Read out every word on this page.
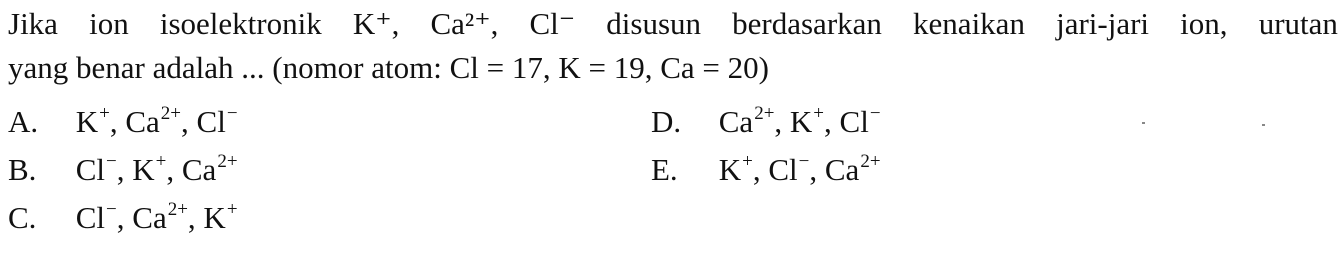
Jika ion isoelektronik K⁺, Ca²⁺, Cl⁻ disusun berdasarkan kenaikan jari-jari ion, urutan
yang benar adalah ... (nomor atom: Cl = 17, K = 19, Ca = 20)
A. K+, $Ca^{2+}$, Cl−
B. Cl−, K+, $Ca^{2+}$
C. Cl−, $Ca^{2+}$, K+
D. $Ca^{2+}$, K+, Cl−
E. K+, Cl−, $Ca^{2+}$
